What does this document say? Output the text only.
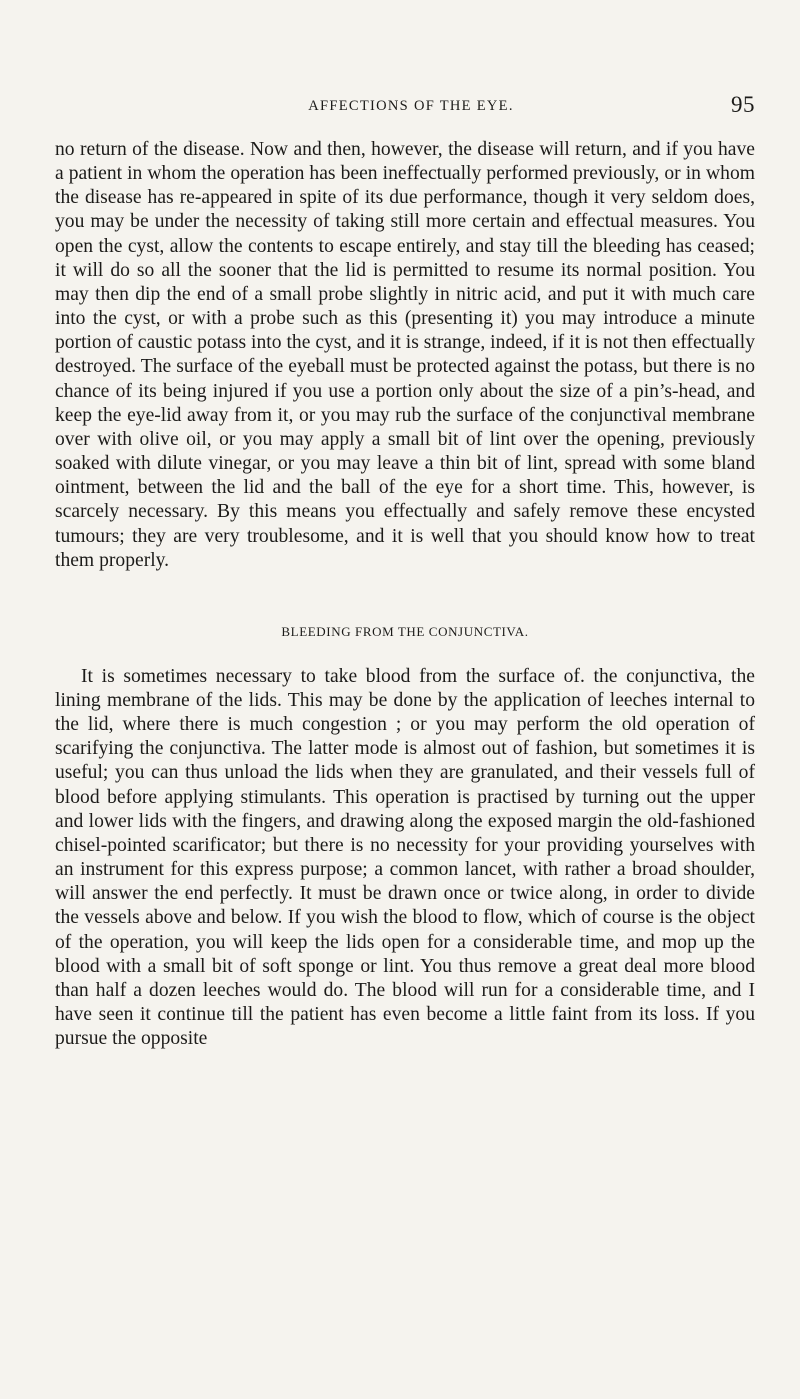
AFFECTIONS OF THE EYE.	95

no return of the disease. Now and then, however, the disease will return, and if you have a patient in whom the operation has been ineffectually performed previously, or in whom the disease has re-appeared in spite of its due performance, though it very seldom does, you may be under the necessity of taking still more certain and effectual measures. You open the cyst, allow the contents to escape entirely, and stay till the bleeding has ceased; it will do so all the sooner that the lid is permitted to resume its normal position. You may then dip the end of a small probe slightly in nitric acid, and put it with much care into the cyst, or with a probe such as this (presenting it) you may introduce a minute portion of caustic potass into the cyst, and it is strange, indeed, if it is not then effectually destroyed. The surface of the eyeball must be protected against the potass, but there is no chance of its being injured if you use a portion only about the size of a pin’s-head, and keep the eye-lid away from it, or you may rub the surface of the conjunctival membrane over with olive oil, or you may apply a small bit of lint over the opening, previously soaked with dilute vinegar, or you may leave a thin bit of lint, spread with some bland ointment, between the lid and the ball of the eye for a short time. This, however, is scarcely necessary. By this means you effectually and safely remove these encysted tumours; they are very troublesome, and it is well that you should know how to treat them properly.

BLEEDING FROM THE CONJUNCTIVA.

It is sometimes necessary to take blood from the surface of. the conjunctiva, the lining membrane of the lids. This may be done by the application of leeches internal to the lid, where there is much congestion ; or you may perform the old operation of scarifying the conjunctiva. The latter mode is almost out of fashion, but sometimes it is useful; you can thus unload the lids when they are granulated, and their vessels full of blood before applying stimulants. This operation is practised by turning out the upper and lower lids with the fingers, and drawing along the exposed margin the old-fashioned chisel-pointed scarificator; but there is no necessity for your providing yourselves with an instrument for this express purpose; a common lancet, with rather a broad shoulder, will answer the end perfectly. It must be drawn once or twice along, in order to divide the vessels above and below. If you wish the blood to flow, which of course is the object of the operation, you will keep the lids open for a considerable time, and mop up the blood with a small bit of soft sponge or lint. You thus remove a great deal more blood than half a dozen leeches would do. The blood will run for a considerable time, and I have seen it continue till the patient has even become a little faint from its loss. If you pursue the opposite
